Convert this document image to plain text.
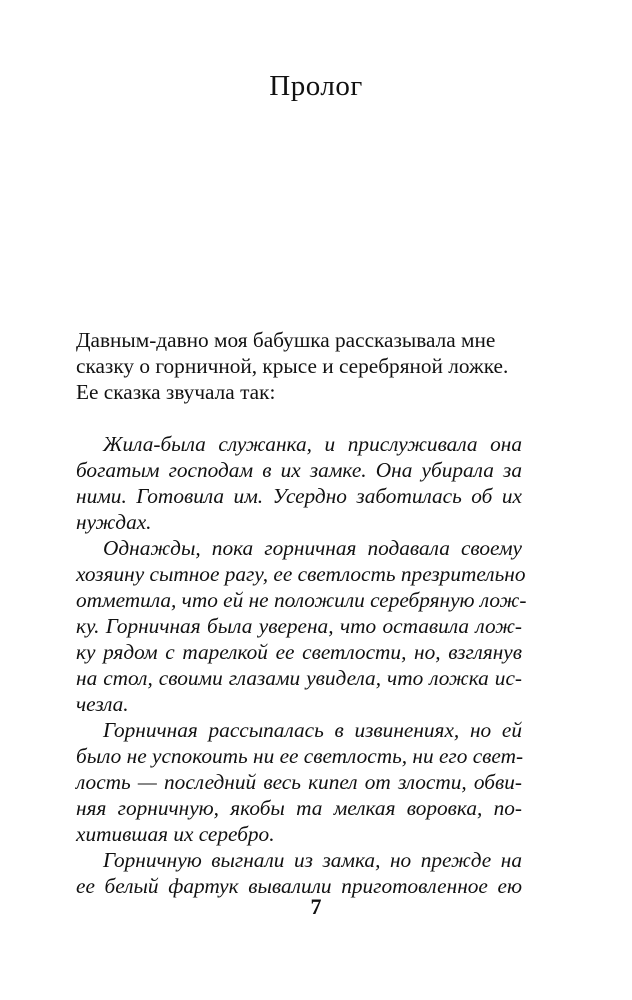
Пролог
Давным-давно моя бабушка рассказывала мне
сказку о горничной, крысе и серебряной ложке.
Ее сказка звучала так:
Жила-была служанка, и прислуживала она
богатым господам в их замке. Она убирала за
ними. Готовила им. Усердно заботилась об их
нуждах.
Однажды, пока горничная подавала своему
хозяину сытное рагу, ее светлость презрительно
отметила, что ей не положили серебряную лож-
ку. Горничная была уверена, что оставила лож-
ку рядом с тарелкой ее светлости, но, взглянув
на стол, своими глазами увидела, что ложка ис-
чезла.
Горничная рассыпалась в извинениях, но ей
было не успокоить ни ее светлость, ни его свет-
лость — последний весь кипел от злости, обви-
няя горничную, якобы та мелкая воровка, по-
хитившая их серебро.
Горничную выгнали из замка, но прежде на
ее белый фартук вывалили приготовленное ею
7
